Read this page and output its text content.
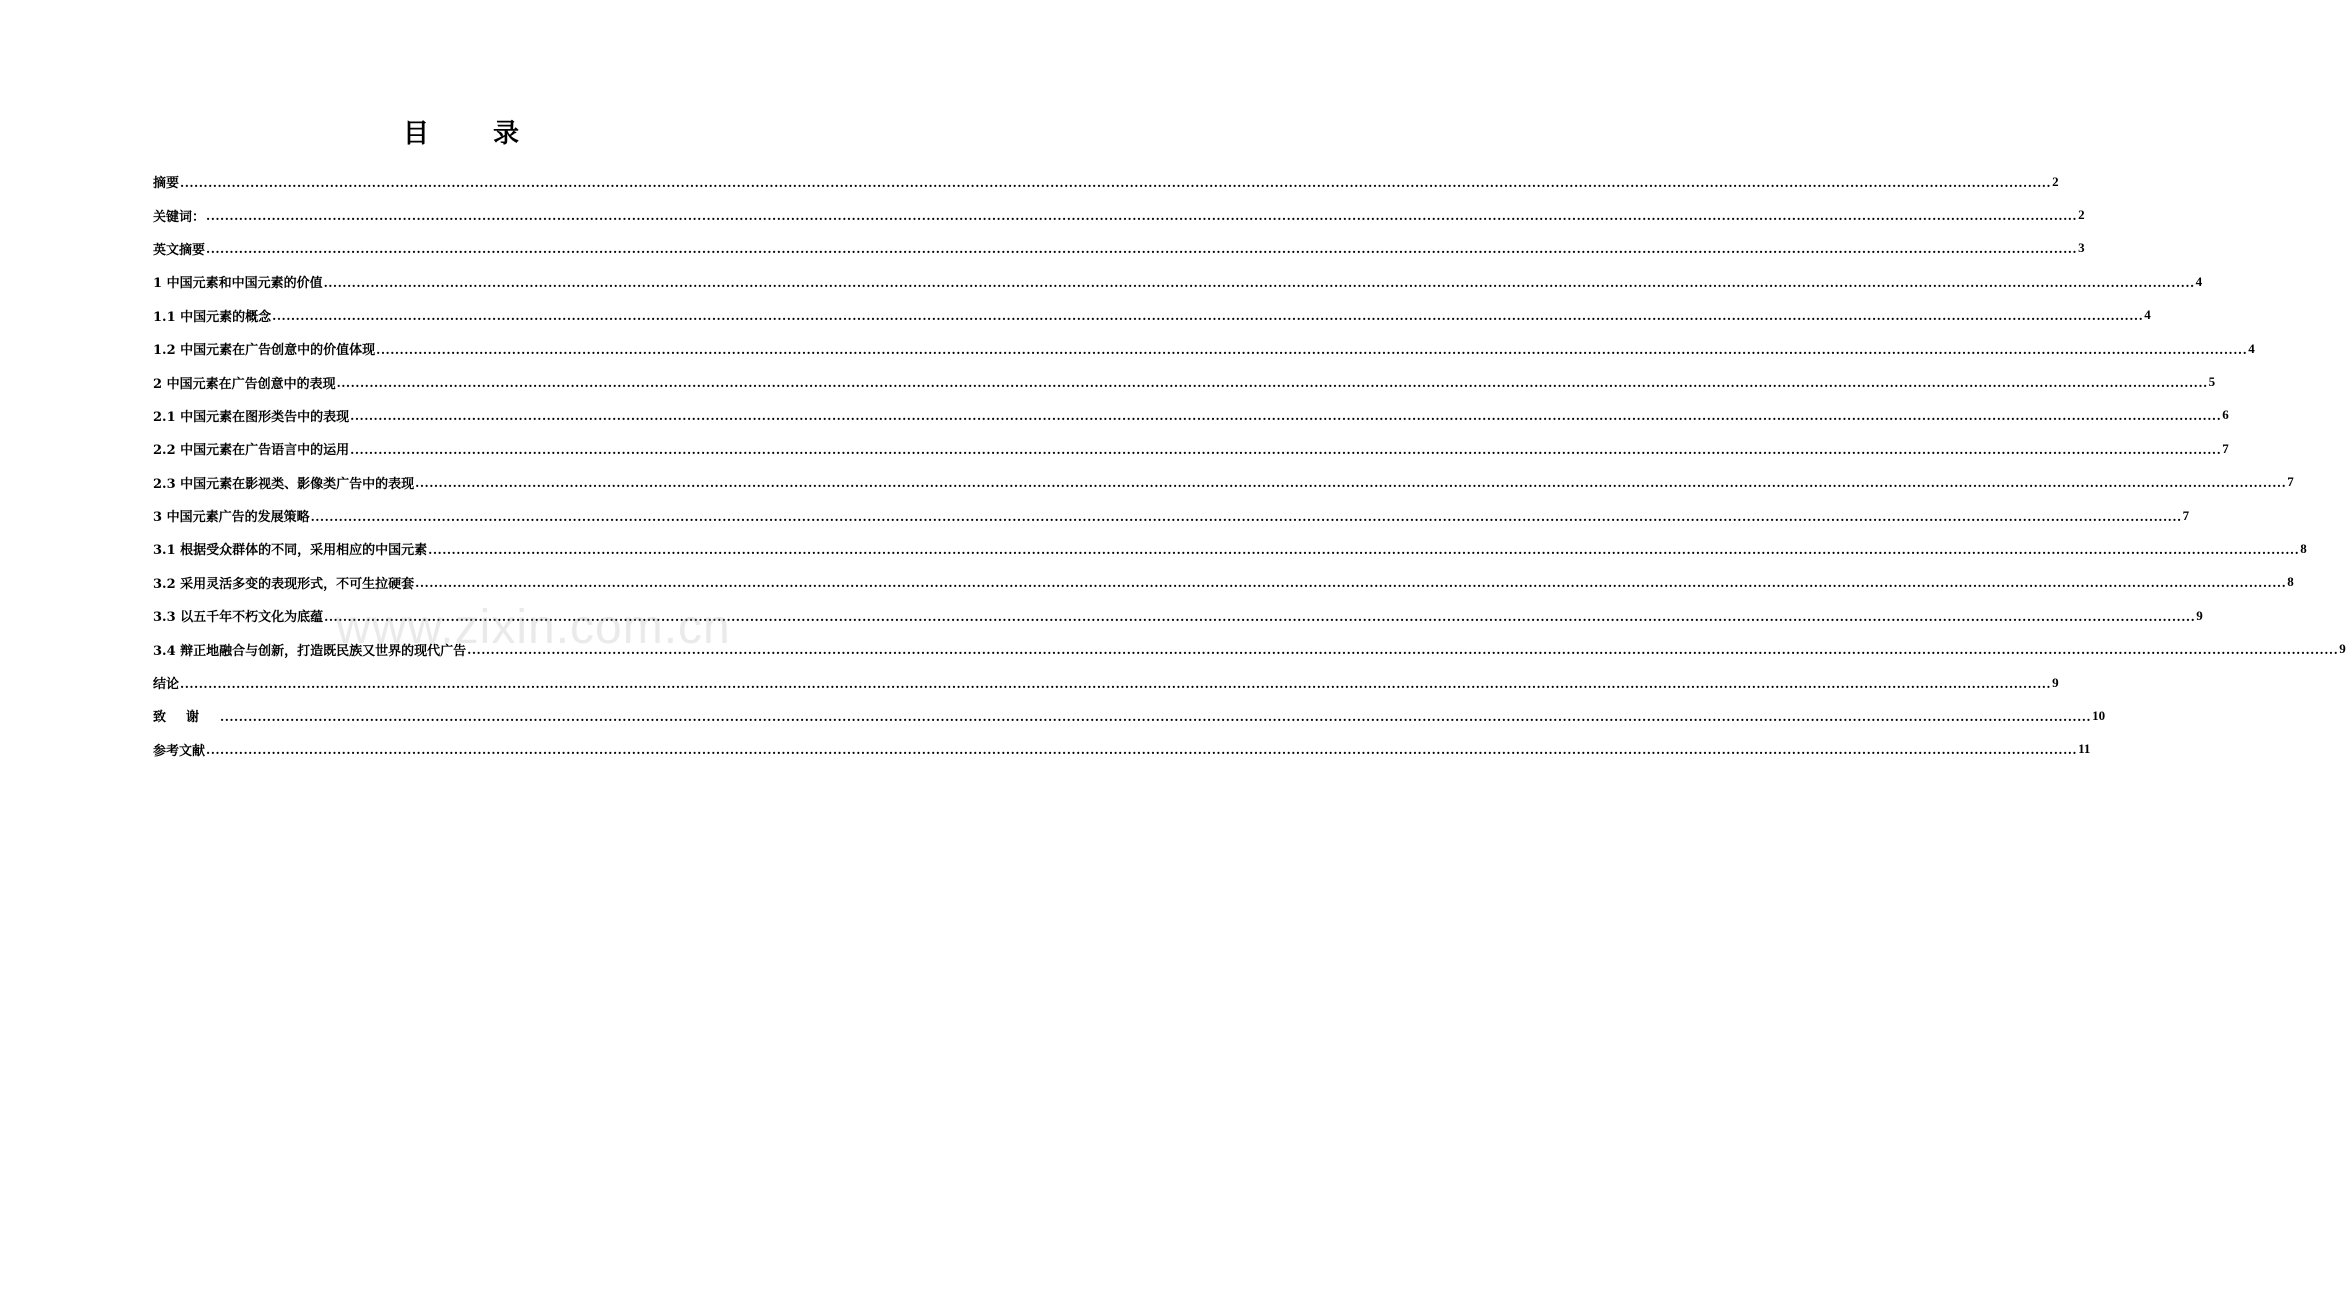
目录
摘要 ................................................................................................................................................................................................................................................................................................................................................................................................................ 2
关键词： ................................................................................................................................................................................................................................................................................................................................................................................................................ 2
英文摘要 ................................................................................................................................................................................................................................................................................................................................................................................................................ 3
1 中国元素和中国元素的价值 ................................................................................................................................................................................................................................................................................................................................................................................................................ 4
1.1 中国元素的概念 ................................................................................................................................................................................................................................................................................................................................................................................................................ 4
1.2 中国元素在广告创意中的价值体现 ................................................................................................................................................................................................................................................................................................................................................................................................................ 4
2 中国元素在广告创意中的表现 ................................................................................................................................................................................................................................................................................................................................................................................................................ 5
2.1 中国元素在图形类告中的表现 ................................................................................................................................................................................................................................................................................................................................................................................................................ 6
2.2 中国元素在广告语言中的运用 ................................................................................................................................................................................................................................................................................................................................................................................................................ 7
2.3 中国元素在影视类、影像类广告中的表现 ................................................................................................................................................................................................................................................................................................................................................................................................................ 7
3 中国元素广告的发展策略 ................................................................................................................................................................................................................................................................................................................................................................................................................ 7
3.1 根据受众群体的不同，采用相应的中国元素 ................................................................................................................................................................................................................................................................................................................................................................................................................ 8
3.2 采用灵活多变的表现形式，不可生拉硬套 ................................................................................................................................................................................................................................................................................................................................................................................................................ 8
3.3 以五千年不朽文化为底蕴 ................................................................................................................................................................................................................................................................................................................................................................................................................ 9
3.4 辩正地融合与创新，打造既民族又世界的现代广告 ................................................................................................................................................................................................................................................................................................................................................................................................................ 9
结论 ................................................................................................................................................................................................................................................................................................................................................................................................................ 9
致谢 ................................................................................................................................................................................................................................................................................................................................................................................................................ 10
参考文献 ................................................................................................................................................................................................................................................................................................................................................................................................................ 11
www.zixin.com.cn
